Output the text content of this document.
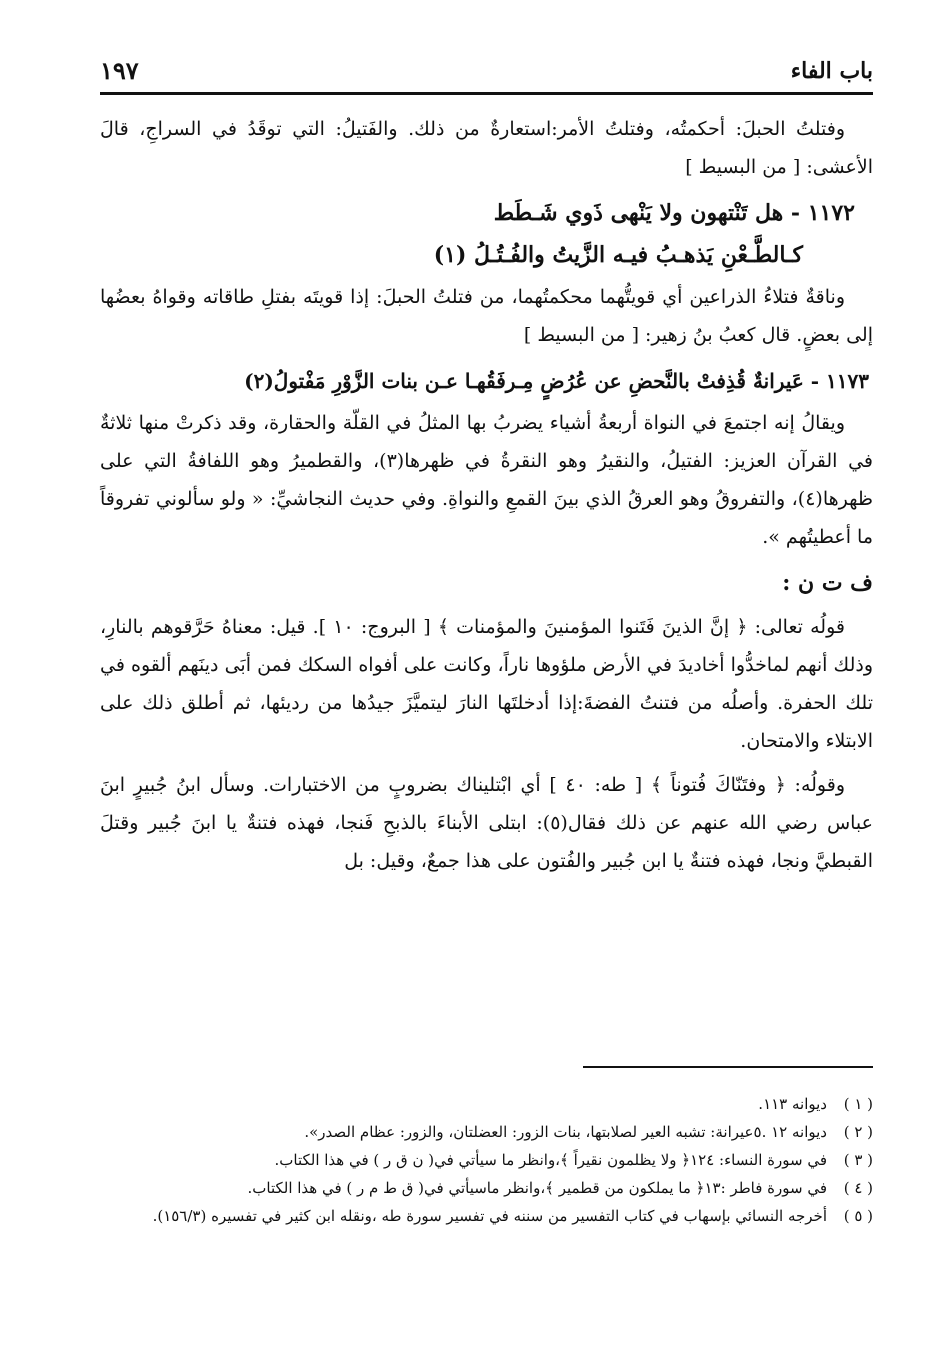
باب الفاء
١٩٧

وفتلتُ الحبلَ: أحكمتُه، وفتلتُ الأمر:استعارةٌ من ذلك. والفَتيلُ: التي توقَدُ في السراجِ، قالَ الأعشى: [ من البسيط ]

١١٧٢ - هل تَنْتهون ولا يَنْهى ذَوي شَـطَط
كـالطَّـعْنِ يَذهـبُ فيـه الزَّيتُ والفُـتُـلُ (١)

وناقةٌ فتلاءُ الذراعين أي قويتُّهما محكمتُهما، من فتلتُ الحبلَ: إذا قويتَه بفتلِ طاقاته وقواهُ بعضُها إلى بعضٍ. قال كعبُ بنُ زهير: [ من البسيط ]

١١٧٣ - عَيرانةٌ قُذِفتْ بالنَّحضِ عن عُرُضٍ مِـرفَقُهـا عـن بنات الزَّوْرِ مَفْتولُ(٢)

ويقالُ إنه اجتمعَ في النواة أربعةُ أشياء يضربُ بها المثلُ في القلّة والحقارة، وقد ذكرتْ منها ثلاثةٌ في القرآن العزيز: الفتيلُ، والنقيرُ وهو النقرةُ في ظهرها(٣)، والقطميرُ وهو اللفافةُ التي على ظهرها(٤)، والتفروقُ وهو العرقُ الذي بينَ القمعِ والنواةِ. وفي حديث النجاشيِّ: « ولو سألوني تفروقاً ما أعطيتُهم ».

ف ت ن :

قولُه تعالى: ﴿ إنَّ الذينَ فَتَنوا المؤمنينَ والمؤمنات ﴾ [ البروج: ١٠ ]. قيل: معناهُ حَرَّقوهم بالنارِ، وذلك أنهم لماخدُّوا أخاديدَ في الأرض ملؤوها ناراً، وكانت على أفواه السكك فمن أبَى دينَهم ألقوه في تلك الحفرة. وأصلُه من فتنتُ الفضةَ:إذا أدخلتَها النارَ ليتميَّزَ جيدُها من رديئها، ثم أطلق ذلك على الابتلاء والامتحان.

وقولُه: ﴿ وفتَنّاكَ فُتوناً ﴾ [ طه: ٤٠ ] أي ابْتليناك بضروبٍ من الاختبارات. وسأل ابنُ جُبيرٍ ابنَ عباس رضي الله عنهم عن ذلك فقال(٥): ابتلى الأبناءَ بالذبحِ فَنجا، فهذه فتنةٌ يا ابنَ جُبير وقتلَ القبطيَّ ونجا، فهذه فتنةٌ يا ابن جُبير والفُتون على هذا جمعٌ، وقيل: بل

( ١ )
ديوانه ١١٣.

( ٢ )
ديوانه ١٢ .٥عيرانة: تشبه العير لصلابتها، بنات الزور: العضلتان، والزور: عظام الصدر».

( ٣ )
في سورة النساء: ١٢٤﴿ ولا يظلمون نقيراً ﴾،وانظر ما سيأتي في( ن ق ر ) في هذا الكتاب.

( ٤ )
في سورة فاطر :١٣﴿ ما يملكون من قطمير ﴾،وانظر ماسيأتي في( ق ط م ر ) في هذا الكتاب.

( ٥ )
أخرجه النسائي بإسهاب في كتاب التفسير من سننه في تفسير سورة طه ،ونقله ابن كثير في تفسيره (١٥٦/٣).
